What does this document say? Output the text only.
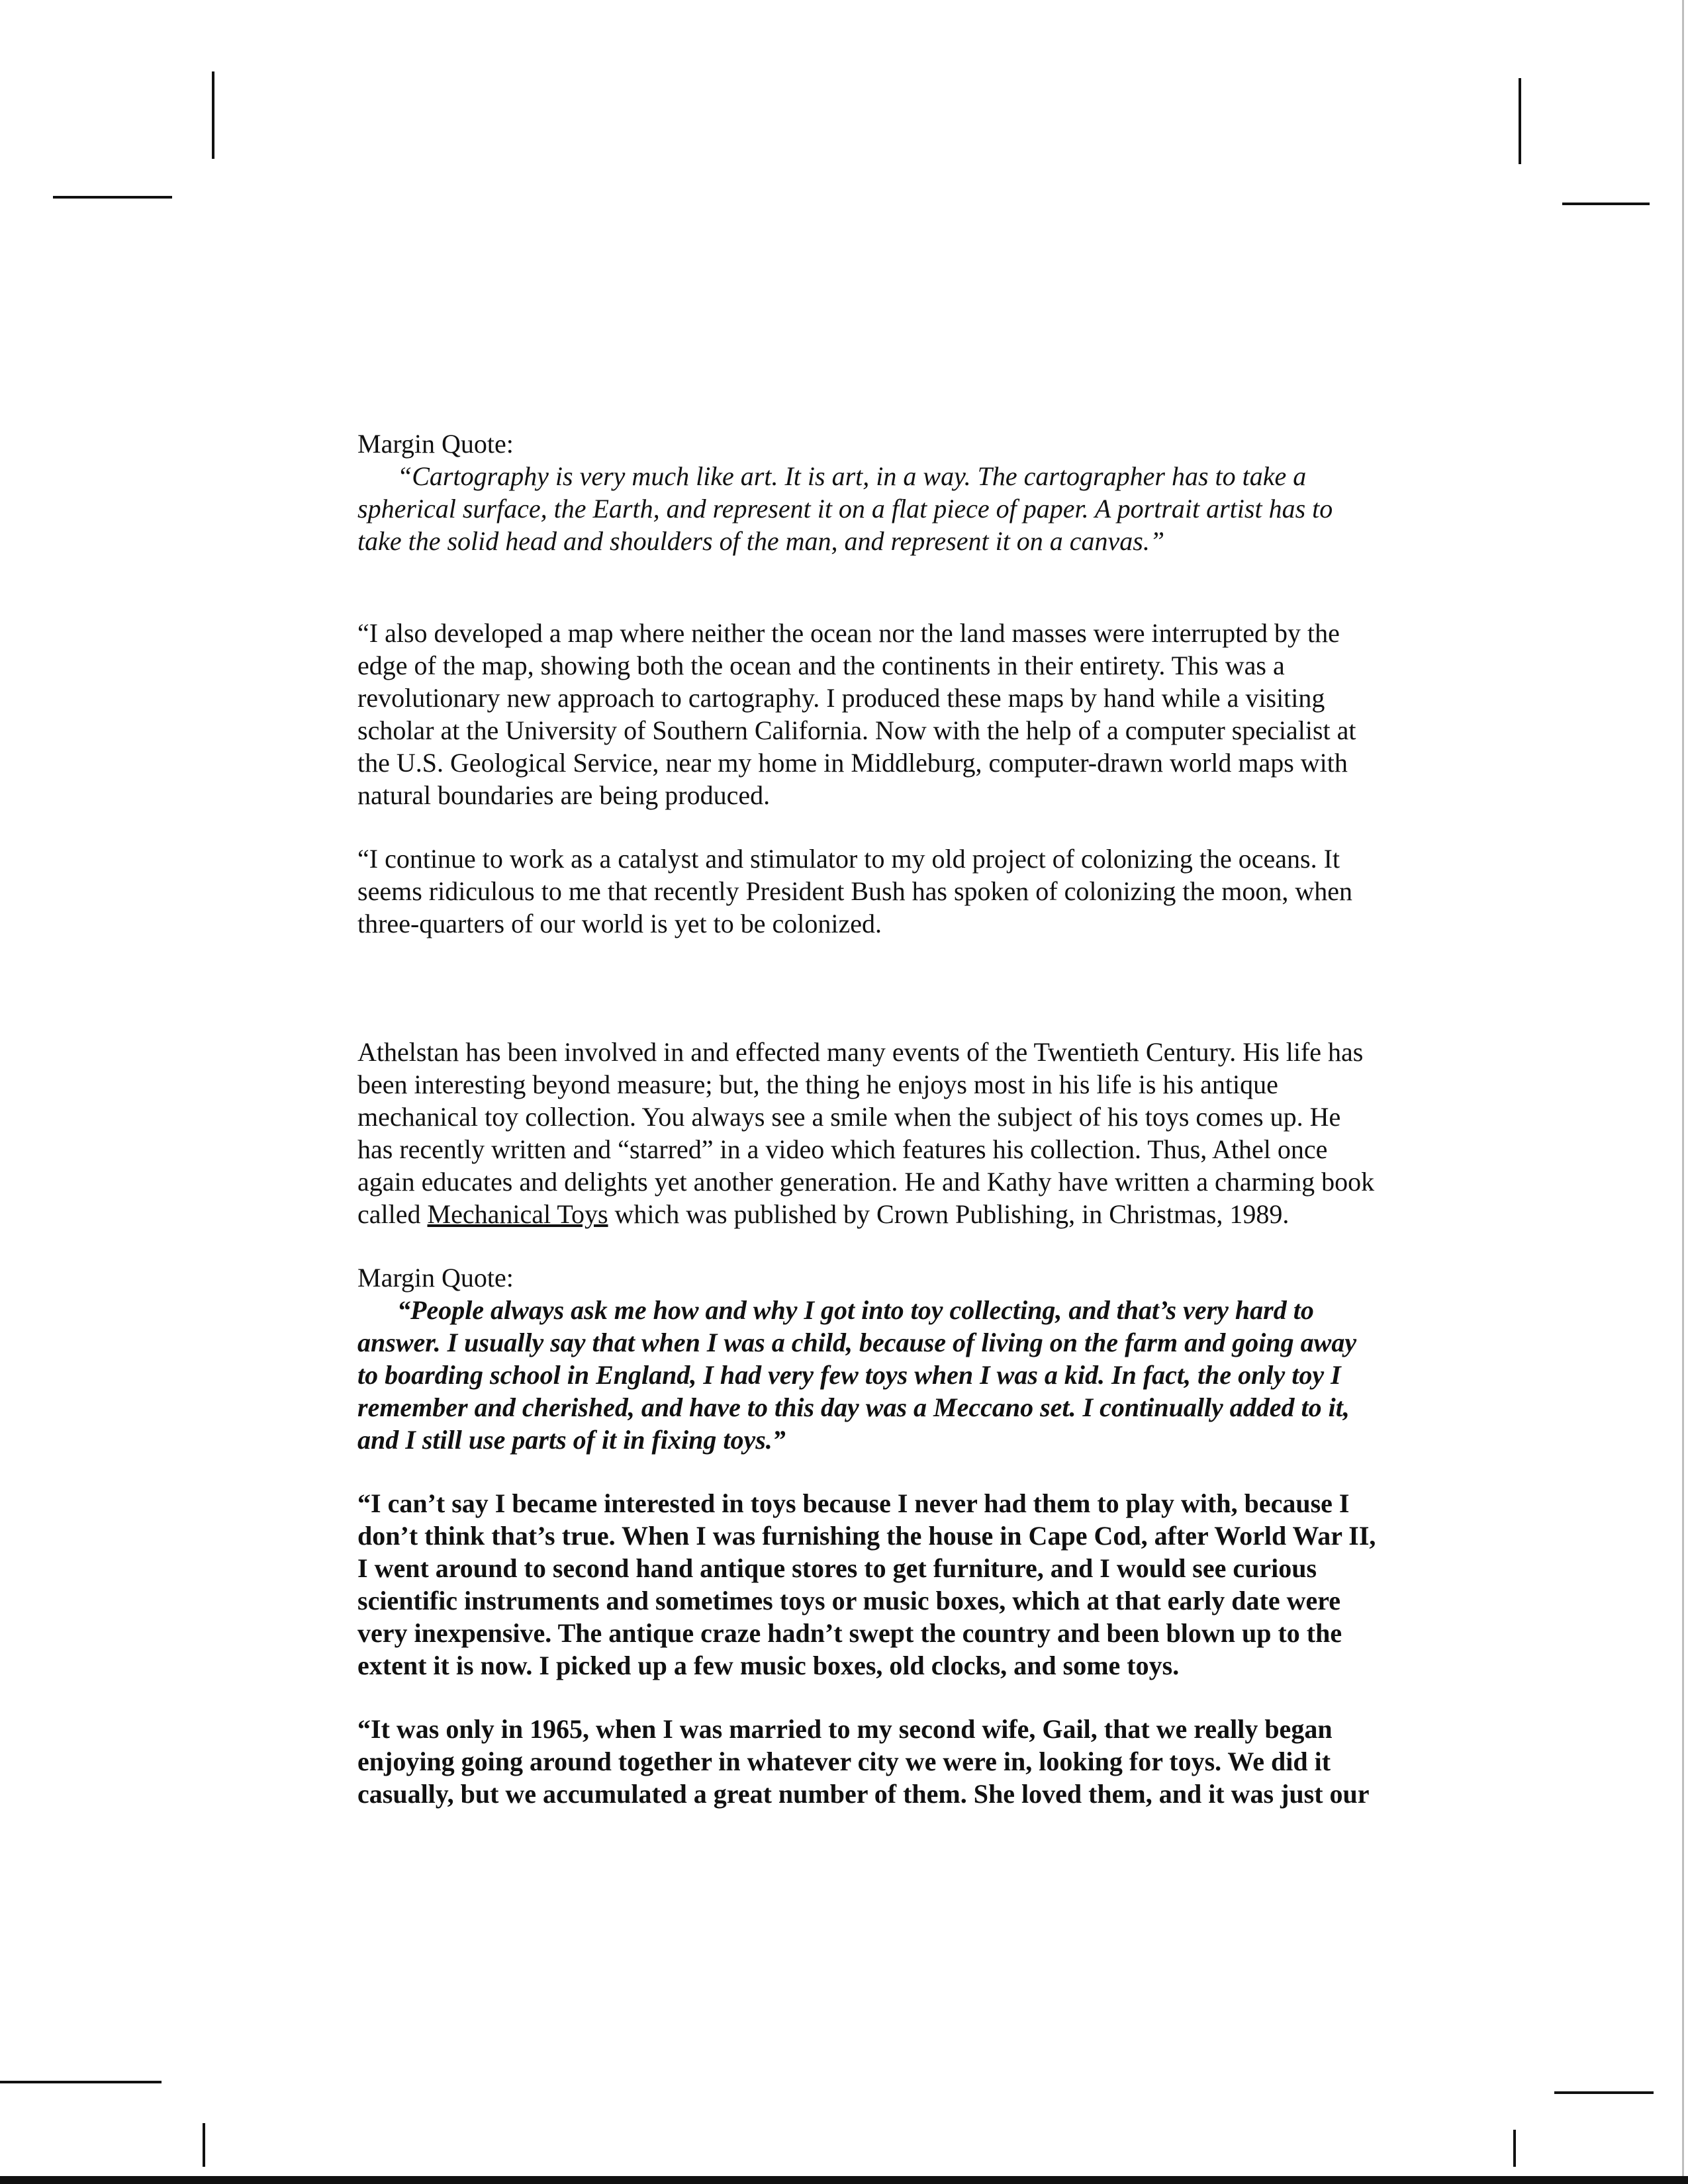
Margin Quote:

“Cartography is very much like art. It is art, in a way. The cartographer has to take a spherical surface, the Earth, and represent it on a flat piece of paper. A portrait artist has to take the solid head and shoulders of the man, and represent it on a canvas.”

“I also developed a map where neither the ocean nor the land masses were interrupted by the edge of the map, showing both the ocean and the continents in their entirety. This was a revolutionary new approach to cartography. I produced these maps by hand while a visiting scholar at the University of Southern California. Now with the help of a computer specialist at the U.S. Geological Service, near my home in Middleburg, computer-drawn world maps with natural boundaries are being produced.

“I continue to work as a catalyst and stimulator to my old project of colonizing the oceans. It seems ridiculous to me that recently President Bush has spoken of colonizing the moon, when three-quarters of our world is yet to be colonized.

Athelstan has been involved in and effected many events of the Twentieth Century. His life has been interesting beyond measure; but, the thing he enjoys most in his life is his antique mechanical toy collection. You always see a smile when the subject of his toys comes up. He has recently written and “starred” in a video which features his collection. Thus, Athel once again educates and delights yet another generation. He and Kathy have written a charming book called Mechanical Toys which was published by Crown Publishing, in Christmas, 1989.

Margin Quote:

“People always ask me how and why I got into toy collecting, and that’s very hard to answer. I usually say that when I was a child, because of living on the farm and going away to boarding school in England, I had very few toys when I was a kid. In fact, the only toy I remember and cherished, and have to this day was a Meccano set. I continually added to it, and I still use parts of it in fixing toys.”

“I can’t say I became interested in toys because I never had them to play with, because I don’t think that’s true. When I was furnishing the house in Cape Cod, after World War II, I went around to second hand antique stores to get furniture, and I would see curious scientific instruments and sometimes toys or music boxes, which at that early date were very inexpensive. The antique craze hadn’t swept the country and been blown up to the extent it is now. I picked up a few music boxes, old clocks, and some toys.

“It was only in 1965, when I was married to my second wife, Gail, that we really began enjoying going around together in whatever city we were in, looking for toys. We did it casually, but we accumulated a great number of them. She loved them, and it was just our
